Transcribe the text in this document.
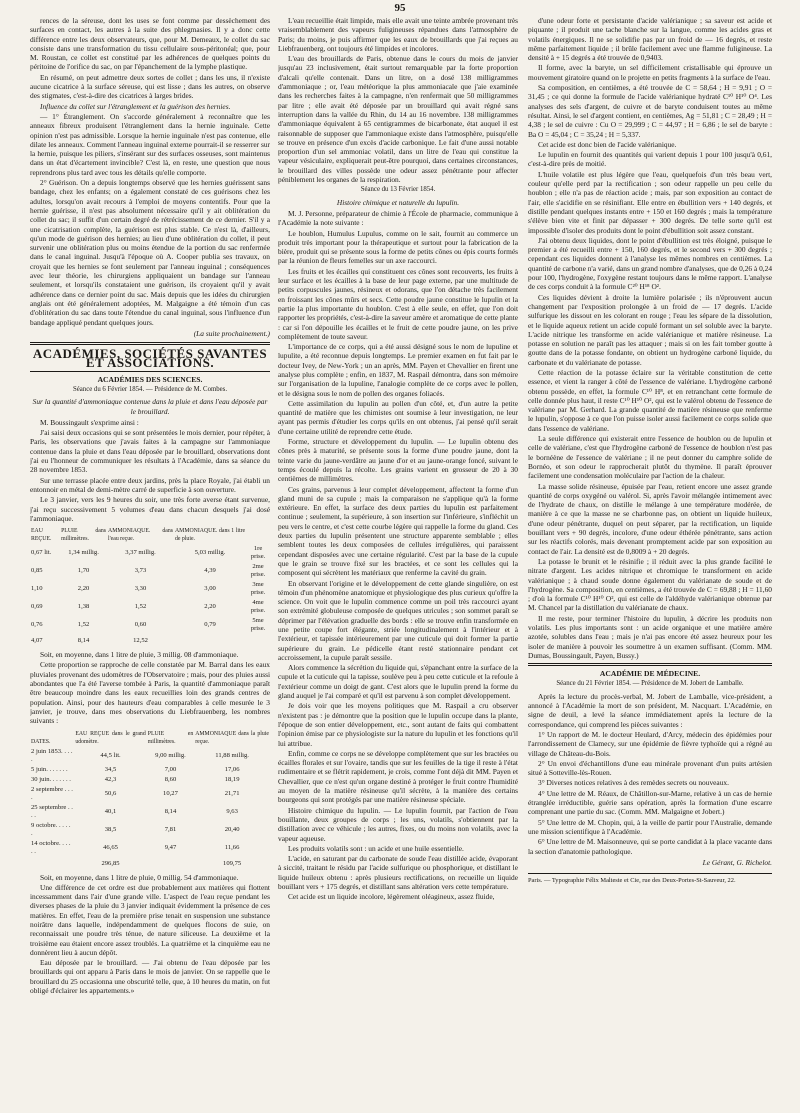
95

rences de la séreuse, dont les uses se font comme par dessèchement des surfaces en contact, les autres à la suite des phlegmasies. Il y a donc cette différence entre les deux observateurs, que, pour M. Demeaux, le collet du sac consiste dans une transformation du tissu cellulaire sous-péritonéal; que, pour M. Roustan, ce collet est constitué par les adhérences de quelques points du péritoine de l'orifice du sac, on par l'épanchement de la lymphe plastique.

En résumé, on peut admettre deux sortes de collet ; dans les uns, il n'existe aucune cicatrice à la surface séreuse, qui est lisse ; dans les autres, on observe des stigmates, c'est-à-dire des cicatrices à larges brides.

Influence du collet sur l'étranglement et la guérison des hernies.

— 1° Étranglement. On s'accorde généralement à reconnaître que les anneaux fibreux produisent l'étranglement dans la hernie inguinale. Cette opinion n'est pas admissible. Lorsque la hernie inguinale n'est pas contenue, elle dilate les anneaux. Comment l'anneau inguinal externe pourrait-il se resserrer sur la hernie, puisque les piliers, s'insérant sur des surfaces osseuses, sont maintenus dans un état d'écartement invincible? C'est là, en reste, une question que nous reprendrons plus tard avec tous les détails qu'elle comporte.

2° Guérison. On a depuis longtemps observé que les hernies guérissent sans bandage, chez les enfants; on a également constaté de ces guérisons chez les adultes, lorsqu'on avait recours à l'emploi de moyens contentifs. Pour que la hernie guérisse, il n'est pas absolument nécessaire qu'il y ait oblitération du collet du sac; il suffit d'un certain degré de rétrécissement de ce dernier. S'il y a une cicatrisation complète, la guérison est plus stable. Ce n'est là, d'ailleurs, qu'un mode de guérison des hernies; au lieu d'une oblitération du collet, il peut survenir une oblitération plus ou moins étendue de la portion du sac renfermée dans le canal inguinal. Jusqu'à l'époque où A. Cooper publia ses travaux, on croyait que les hernies se font seulement par l'anneau inguinal ; conséquences avec leur théorie, les chirurgiens appliquaient un bandage sur l'anneau seulement, et lorsqu'ils constataient une guérison, ils croyaient qu'il y avait adhérence dans ce dernier point du sac. Mais depuis que les idées du chirurgien anglais ont été généralement adoptées, M. Malgaigne a été témoin d'un cas d'oblitération du sac dans toute l'étendue du canal inguinal, sous l'influence d'un bandage appliqué pendant quelques jours.

(La suite prochainement.)
ACADÉMIES, SOCIÉTÉS SAVANTES ET ASSOCIATIONS.
ACADÉMIES DES SCIENCES.
Séance du 6 Février 1854. — Présidence de M. Combes.
Sur la quantité d'ammoniaque contenue dans la pluie et dans l'eau déposée par le brouillard.

M. Boussingault s'exprime ainsi :

J'ai saisi deux occasions qui se sont présentées le mois dernier, pour répéter, à Paris, les observations que j'avais faites à la campagne sur l'ammoniaque contenue dans la pluie et dans l'eau déposée par le brouillard, observations dont j'ai eu l'honneur de communiquer les résultats à l'Académie, dans sa séance du 28 novembre 1853.

Sur une terrasse placée entre deux jardins, près la place Royale, j'ai établi un entonnoir en métal de demi-mètre carré de superficie à son ouverture.

Le 3 janvier, vers les 9 heures du soir, une très forte averse étant survenue, j'ai reçu successivement 5 volumes d'eau dans chacun desquels j'ai dosé l'ammoniaque.

EAU REÇUE.	PLUIE dans millimètres.	AMMONIAQUE. dans l'eau reçue.	AMMONIAQUE. dans 1 litre de pluie.	
0,67 lit.	1,34 millig.	3,37 millig.	5,03 millig.	1re prise.
0,85	1,70	3,73	4,39	2me prise.
1,10	2,20	3,30	3,00	3me prise.
0,69	1,38	1,52	2,20	4me prise.
0,76	1,52	0,60	0,79	5me prise.
4,07	8,14	12,52		

Soit, en moyenne, dans 1 litre de pluie, 3 millig. 08 d'ammoniaque.

Cette proportion se rapproche de celle constatée par M. Barral dans les eaux pluviales provenant des udomètres de l'Observatoire ; mais, pour des pluies aussi abondantes que l'a été l'averse tombée à Paris, la quantité d'ammoniaque paraît être beaucoup moindre dans les eaux recueillies loin des grands centres de population. Ainsi, pour des hauteurs d'eau comparables à celle mesurée le 3 janvier, je trouve, dans mes observations du Liebfrauenberg, les nombres suivants :

DATES.	EAU REÇUE dans le grand udomètre.	PLUIE en millimètres.	AMMONIAQUE dans la pluie reçue.
2 juin 1853. . . . .	44,5 lit.	9,00 millig.	11,88 millig.
5 juin. . . . . . .	34,5	7,00	17,06
30 juin. . . . . . .	42,3	8,60	18,19
2 septembre . . . .	50,6	10,27	21,71
25 septembre . . . .	40,1	8,14	9,63
9 octobre. . . . . .	38,5	7,81	20,40
14 octobre. . . . . .	46,65	9,47	11,66
	296,85		109,75

Soit, en moyenne, dans 1 litre de pluie, 0 millig. 54 d'ammoniaque.

Une différence de cet ordre est due probablement aux matières qui flottent incessamment dans l'air d'une grande ville. L'aspect de l'eau reçue pendant les diverses phases de la pluie du 3 janvier indiquait évidemment la présence de ces matières. En effet, l'eau de la première prise tenait en suspension une substance noirâtre dans laquelle, indépendamment de quelques flocons de suie, on reconnaissait une poudre très ténue, de nature siliceuse. La deuxième et la troisième eau étaient encore assez troublés. La quatrième et la cinquième eau ne donnèrent lieu à aucun dépôt.

Eau déposée par le brouillard. — J'ai obtenu de l'eau déposée par les brouillards qui ont apparu à Paris dans le mois de janvier. On se rappelle que le brouillard du 25 occasionna une obscurité telle, que, à 10 heures du matin, on fut obligé d'éclairer les appartements.»

L'eau recueillie était limpide, mais elle avait une teinte ambrée provenant très vraisemblablement des vapeurs fuligineuses répandues dans l'atmosphère de Paris; du moins, je puis affirmer que les eaux de brouillards que j'ai reçues au Liebfrauenberg, ont toujours été limpides et incolores.

L'eau des brouillards de Paris, obtenue dans le cours du mois de janvier jusqu'au 23 inclusivement, était surtout remarquable par la forte proportion d'alcali qu'elle contenait. Dans un litre, on a dosé 138 milligrammes d'ammoniaque ; or, l'eau météorique la plus ammoniacale que j'aie examinée dans les recherches faites à la campagne, n'en renfermait que 50 milligrammes par litre ; elle avait été déposée par un brouillard qui avait régné sans interruption dans la vallée du Rhin, du 14 au 16 novembre. 138 milligrammes d'ammoniaque équivalent à 65 centigrammes de bicarbonate, état auquel il est raisonnable de supposer que l'ammoniaque existe dans l'atmosphère, puisqu'elle se trouve en présence d'un excès d'acide carbonique. Le fait d'une aussi notable proportion d'un sel ammoniac volatil, dans un litre de l'eau qui constitue la vapeur vésiculaire, expliquerait peut-être pourquoi, dans certaines circonstances, le brouillard des villes possède une odeur assez pénétrante pour affecter péniblement les organes de la respiration.

Séance du 13 Février 1854.
Histoire chimique et naturelle du lupulin.

M. J. Personne, préparateur de chimie à l'École de pharmacie, communique à l'Académie la note suivante :

Le houblon, Humulus Lupulus, comme on le sait, fournit au commerce un produit très important pour la thérapeutique et surtout pour la fabrication de la bière, produit qui se présente sous la forme de petits cônes ou épis courts formés par la réunion de fleurs femelles sur un axe raccourci.

Les fruits et les écailles qui constituent ces cônes sont recouverts, les fruits à leur surface et les écailles à la base de leur page externe, par une multitude de petits corpuscules jaunes, résineux et odorans, que l'on détache très facilement en froissant les cônes mûrs et secs. Cette poudre jaune constitue le lupulin et la partie la plus importante du houblon. C'est à elle seule, en effet, que l'on doit rapporter les propriétés, c'est-à-dire la saveur amère et aromatique de cette plante : car si l'on dépouille les écailles et le fruit de cette poudre jaune, on les prive complètement de toute saveur.

L'importance de ce corps, qui a été aussi désigné sous le nom de lupuline et lupulite, a été reconnue depuis longtemps. Le premier examen en fut fait par le docteur Ivey, de New-York ; un an après, MM. Payen et Chevallier en firent une analyse plus complète ; enfin, en 1837, M. Raspail démontra, dans son mémoire sur l'organisation de la lupuline, l'analogie complète de ce corps avec le pollen, et le désigna sous le nom de pollen des organes foliacés.

Cette assimilation du lupulin au pollen d'un côté, et, d'un autre la petite quantité de matière que les chimistes ont soumise à leur investigation, ne leur ayant pas permis d'étudier les corps qu'ils en ont obtenus, j'ai pensé qu'il serait d'une certaine utilité de reprendre cette étude.

Forme, structure et développement du lupulin. — Le lupulin obtenu des cônes près à maturité, se présente sous la forme d'une poudre jaune, dont la teinte varie du jaune-verdâtre au jaune d'or et au jaune-orange foncé, suivant le temps écoulé depuis la récolte. Les grains varient en grosseur de 20 à 30 centièmes de millimètres.

Ces grains, parvenus à leur complet développement, affectent la forme d'un gland muni de sa cupule ; mais la comparaison ne s'applique qu'à la forme extérieure. En effet, la surface des deux parties du lupulin est parfaitement continue ; seulement, la supérieure, à son insertion sur l'inférieure, s'infléchit un peu vers le centre, et c'est cette courbe légère qui rappelle la forme du gland. Ces deux parties du lupulin présentent une structure apparente semblable ; elles semblent toutes les deux composées de cellules irrégulières, qui paraissent cependant disposées avec une certaine régularité. C'est par la base de la cupule que le grain se trouve fixé sur les bractées, et ce sont les cellules qui la composent qui sécrètent les matériaux que renferme la cavité du grain.

En observant l'origine et le développement de cette glande singulière, on est témoin d'un phénomène anatomique et physiologique des plus curieux qu'offre la science. On voit que le lupulin commence comme un poil très raccourci ayant son extrémité globuleuse composée de quelques utricules ; son sommet paraît se déprimer par l'élévation graduelle des bords : elle se trouve enfin transformée en une petite coupe fort élégante, striée longitudinalement à l'intérieur et à l'extérieur, et tapissée intérieurement par une cuticule qui doit former la partie supérieure du grain. Le pédicelle étant resté stationnaire pendant cet accroissement, la cupule paraît sessile.

Alors commence la sécrétion du liquide qui, s'épanchant entre la surface de la cupule et la cuticule qui la tapisse, soulève peu à peu cette cuticule et la refoule à l'extérieur comme un doigt de gant. C'est alors que le lupulin prend la forme du gland auquel je l'ai comparé et qu'il est parvenu à son complet développement.

Je dois voir que les moyens politiques que M. Raspail a cru observer n'existent pas : je démontre que la position que le lupulin occupe dans la plante, l'époque de son entier développement, etc., sont autant de faits qui combattent l'opinion émise par ce physiologiste sur la nature du lupulin et les fonctions qu'il lui attribue.

Enfin, comme ce corps ne se développe complètement que sur les bractées ou écailles florales et sur l'ovaire, tandis que sur les feuilles de la tige il reste à l'état rudimentaire et se flétrit rapidement, je crois, comme l'ont déjà dit MM. Payen et Chevallier, que ce n'est qu'un organe destiné à protéger le fruit contre l'humidité au moyen de la matière résineuse qu'il sécrète, à la manière des certains bourgeons qui sont protégés par une matière résineuse spéciale.

Histoire chimique du lupulin. — Le lupulin fournit, par l'action de l'eau bouillante, deux groupes de corps ; les uns, volatils, s'obtiennent par la distillation avec ce véhicule ; les autres, fixes, ou du moins non volatils, avec la vapeur aqueuse.

Les produits volatils sont : un acide et une huile essentielle.

L'acide, en saturant par du carbonate de soude l'eau distillée acide, évaporant à siccité, traitant le résidu par l'acide sulfurique ou phosphorique, et distillant le liquide huileux obtenu : après plusieurs rectifications, on recueille un liquide bouillant vers + 175 degrés, et distillant sans altération vers cette température.

Cet acide est un liquide incolore, légèrement oléagineux, assez fluide,

d'une odeur forte et persistante d'acide valérianique ; sa saveur est acide et piquante ; il produit une tache blanche sur la langue, comme les acides gras et volatils énergiques. Il ne se solidifie pas par un froid de — 16 degrés, et reste même parfaitement liquide ; il brûle facilement avec une flamme fuligineuse. La densité à + 15 degrés a été trouvée de 0,9403.

Il forme, avec la baryte, un sel difficilement cristallisable qui éprouve un mouvement giratoire quand on le projette en petits fragments à la surface de l'eau.

Sa composition, en centièmes, a été trouvée de C = 58,64 ; H = 9,91 ; O = 31,45 ; ce qui donne la formule de l'acide valérianique hydraté C¹⁰ H¹⁰ O⁴. Les analyses des sels d'argent, de cuivre et de baryte conduisent toutes au même résultat. Ainsi, le sel d'argent contient, en centièmes, Ag = 51,81 ; C = 28,49 ; H = 4,38 ; le sel de cuivre : Cu O = 29,999 ; C = 44,97 ; H = 6,86 ; le sel de baryte : Ba O = 45,04 ; C = 35,24 ; H = 5,337.

Cet acide est donc bien de l'acide valérianique.

Le lupulin en fournit des quantités qui varient depuis 1 pour 100 jusqu'à 0,61, c'est-à-dire près de moitié.

L'huile volatile est plus légère que l'eau, quelquefois d'un très beau vert, couleur qu'elle perd par la rectification ; son odeur rappelle un peu celle du houblon ; elle n'a pas de réaction acide ; mais, par son exposition au contact de l'air, elle s'acidifie en se résinifiant. Elle entre en ébullition vers + 140 degrés, et distille pendant quelques instants entre + 150 et 160 degrés ; mais la température s'élève bien vite et finit par dépasser + 300 degrés. De telle sorte qu'il est impossible d'isoler des produits dont le point d'ébullition soit assez constant.

J'ai obtenu deux liquides, dont le point d'ébullition est très éloigné, puisque le premier a été recueilli entre + 150, 160 degrés, et le second vers + 300 degrés ; cependant ces liquides donnent à l'analyse les mêmes nombres en centièmes. La quantité de carbone n'a varié, dans un grand nombre d'analyses, que de 0,26 à 0,24 pour 100, l'hydrogène, l'oxygène restant toujours dans le même rapport. L'analyse de ces corps conduit à la formule C²⁰ H¹⁸ O².

Ces liquides dévient à droite la lumière polarisée ; ils n'éprouvent aucun changement par l'exposition prolongée à un froid de — 17 degrés. L'acide sulfurique les dissout en les colorant en rouge ; l'eau les sépare de la dissolution, et le liquide aqueux retient un acide copulé formant un sel soluble avec la baryte. L'acide nitrique les transforme en acide valérianique et matière résineuse. La potasse en solution ne paraît pas les attaquer ; mais si on les fait tomber goutte à goutte dans de la potasse fondante, on obtient un hydrogène carboné liquide, du carbonate et du valérianate de potasse.

Cette réaction de la potasse éclaire sur la véritable constitution de cette essence, et vient la ranger à côté de l'essence de valériane. L'hydrogène carboné obtenu possède, en effet, la formule C¹⁰ H⁸, et en retranchant cette formule de celle donnée plus haut, il reste C¹⁰ H¹⁰ O², qui est le valérol obtenu de l'essence de valériane par M. Gerhard. La grande quantité de matière résineuse que renferme le lupulin, s'oppose à ce que l'on puisse isoler aussi facilement ce corps solide que dans l'essence de valériane.

La seule différence qui existerait entre l'essence de houblon ou de lupulin et celle de valériane, c'est que l'hydrogène carboné de l'essence de houblon n'est pas le bornéène de l'essence de valériane ; il ne peut donner du camphre solide de Bornéo, et son odeur le rapprocherait plutôt du thymène. Il paraît éprouver facilement une condensation moléculaire par l'action de la chaleur.

La masse solide résineuse, épuisée par l'eau, retient encore une assez grande quantité de corps oxygéné ou valérol. Si, après l'avoir mélangée intimement avec de l'hydrate de chaux, on distille le mélange à une température modérée, de manière à ce que la masse ne se charbonne pas, on obtient un liquide huileux, d'une odeur pénétrante, duquel on peut séparer, par la rectification, un liquide bouillant vers + 90 degrés, incolore, d'une odeur éthérée pénétrante, sans action sur les réactifs colorés, mais devenant promptement acide par son exposition au contact de l'air. La densité est de 0,8009 à + 20 degrés.

La potasse le brunit et le résinifie ; il réduit avec la plus grande facilité le nitrate d'argent. Les acides nitrique et chromique le transforment en acide valérianique ; à chaud soude donne également du valérianate de soude et de l'hydrogène. Sa composition, en centièmes, a été trouvée de C = 69,88 ; H = 11,60 ; d'où la formule C¹⁰ H¹⁰ O², qui est celle de l'aldéhyde valérianique obtenue par M. Chancel par la distillation du valérianate de chaux.

Il me reste, pour terminer l'histoire du lupulin, à décrire les produits non volatils. Les plus importants sont : un acide organique et une matière amère azotée, solubles dans l'eau ; mais je n'ai pas encore été assez heureux pour les isoler de manière à pouvoir les soumettre à un examen suffisant. (Comm. MM. Dumas, Boussingault, Payen, Bussy.)

ACADÉMIE DE MÉDECINE.
Séance du 21 Février 1854. — Présidence de M. Jobert de Lamballe.

Après la lecture du procès-verbal, M. Jobert de Lamballe, vice-président, a annoncé à l'Académie la mort de son président, M. Nacquart. L'Académie, en signe de deuil, a levé la séance immédiatement après la lecture de la correspondance, qui comprend les pièces suivantes :

1° Un rapport de M. le docteur Heulard, d'Arcy, médecin des épidémies pour l'arrondissement de Clamecy, sur une épidémie de fièvre typhoïde qui a régné au village de Château-du-Bois.

2° Un envoi d'échantillons d'une eau minérale provenant d'un puits artésien situé à Sotteville-lès-Rouen.

3° Diverses notices relatives à des remèdes secrets ou nouveaux.

4° Une lettre de M. Réaux, de Châtillon-sur-Marne, relative à un cas de hernie étranglée irréductible, guérie sans opération, après la formation d'une escarre comprenant une partie du sac. (Comm. MM. Malgaigne et Jobert.)

5° Une lettre de M. Chopin, qui, à la veille de partir pour l'Australie, demande une mission scientifique à l'Académie.

6° Une lettre de M. Maisonneuve, qui se porte candidat à la place vacante dans la section d'anatomie pathologique.

Le Gérant, G. Richelot.
Paris. — Typographie Félix Malteste et Cie, rue des Deux-Portes-St-Sauveur, 22.
